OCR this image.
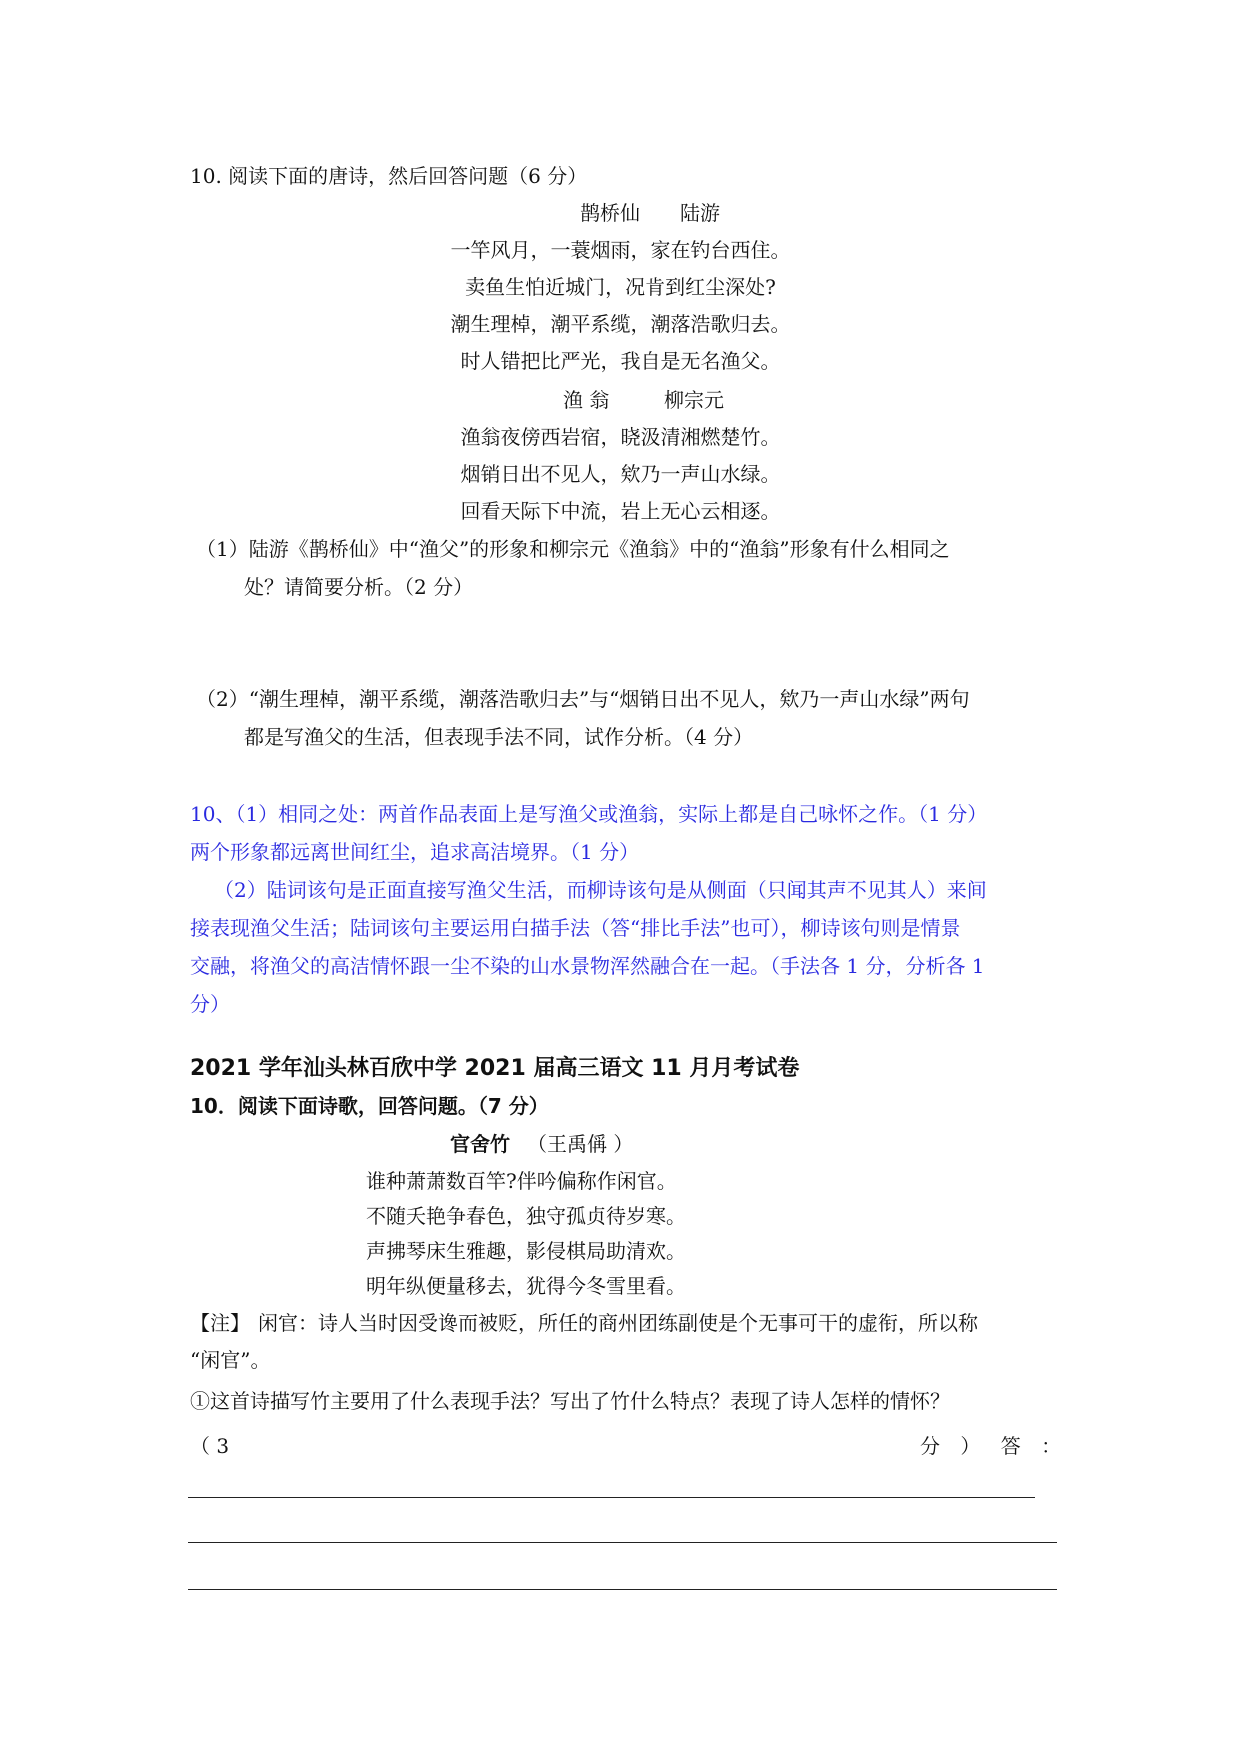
10. 阅读下面的唐诗，然后回答问题（6 分）
鹊桥仙 陆游
一竿风月，一蓑烟雨，家在钓台西住。
卖鱼生怕近城门，况肯到红尘深处?
潮生理棹，潮平系缆，潮落浩歌归去。
时人错把比严光，我自是无名渔父。
渔 翁	柳宗元
渔翁夜傍西岩宿，晓汲清湘燃楚竹。
烟销日出不见人，欸乃一声山水绿。
回看天际下中流，岩上无心云相逐。
（1）陆游《鹊桥仙》中“渔父”的形象和柳宗元《渔翁》中的“渔翁”形象有什么相同之
处？请简要分析。（2 分）
（2）“潮生理棹，潮平系缆，潮落浩歌归去”与“烟销日出不见人，欸乃一声山水绿”两句
都是写渔父的生活，但表现手法不同，试作分析。（4 分）
10、（1）相同之处：两首作品表面上是写渔父或渔翁，实际上都是自己咏怀之作。（1 分）
两个形象都远离世间红尘，追求高洁境界。（1 分）
（2）陆词该句是正面直接写渔父生活，而柳诗该句是从侧面（只闻其声不见其人）来间
接表现渔父生活；陆词该句主要运用白描手法（答“排比手法”也可），柳诗该句则是情景
交融，将渔父的高洁情怀跟一尘不染的山水景物浑然融合在一起。（手法各 1 分，分析各 1
分）
2021 学年汕头林百欣中学 2021 届高三语文 11 月月考试卷
10．阅读下面诗歌，回答问题。（7 分）
官舍竹 （王禹偁 ）
谁种萧萧数百竿?伴吟偏称作闲官。
不随夭艳争春色，独守孤贞待岁寒。
声拂琴床生雅趣，影侵棋局助清欢。
明年纵便量移去，犹得今冬雪里看。
【注】 闲官：诗人当时因受谗而被贬，所任的商州团练副使是个无事可干的虚衔，所以称
“闲官”。
①这首诗描写竹主要用了什么表现手法？写出了竹什么特点？表现了诗人怎样的情怀？
（ 3	分 ） 答 ：
